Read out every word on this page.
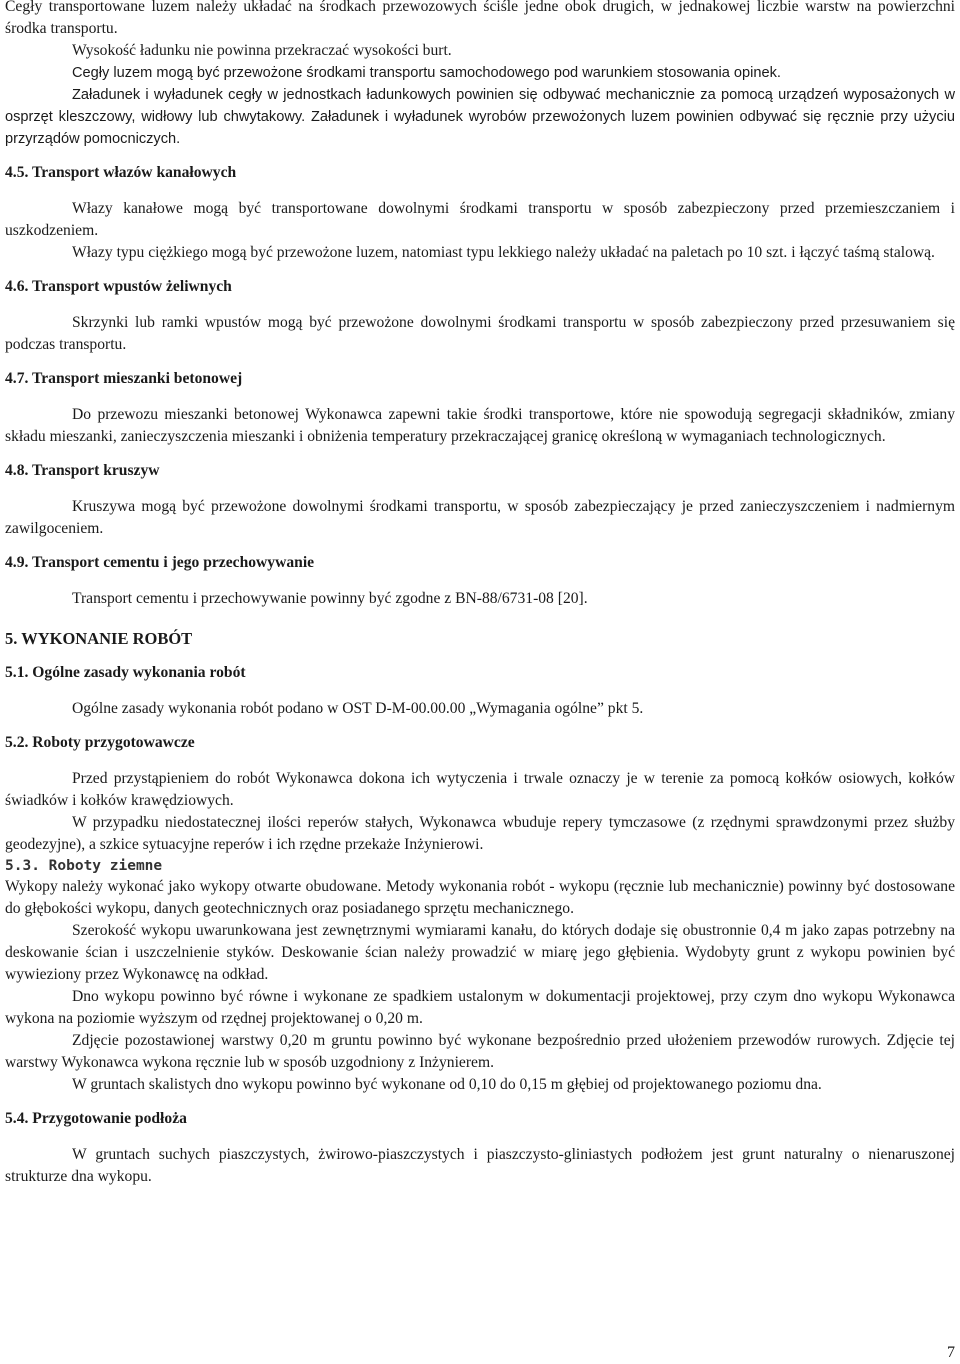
Cegły transportowane luzem należy układać na środkach przewozowych ściśle jedne obok drugich, w jednakowej liczbie warstw na powierzchni środka transportu.

Wysokość ładunku nie powinna przekraczać wysokości burt.

Cegły luzem mogą być przewożone środkami transportu samochodowego pod warunkiem stosowania opinek.

Załadunek i wyładunek cegły w jednostkach ładunkowych powinien się odbywać mechanicznie za pomocą urządzeń wyposażonych w osprzęt kleszczowy, widłowy lub chwytakowy. Załadunek i wyładunek wyrobów przewożonych luzem powinien odbywać się ręcznie przy użyciu przyrządów pomocniczych.

4.5. Transport włazów kanałowych

Włazy kanałowe mogą być transportowane dowolnymi środkami transportu w sposób zabezpieczony przed przemieszczaniem i uszkodzeniem.

Włazy typu ciężkiego mogą być przewożone luzem, natomiast typu lekkiego należy układać na paletach po 10 szt. i łączyć taśmą stalową.

4.6. Transport wpustów żeliwnych

Skrzynki lub ramki wpustów mogą być przewożone dowolnymi środkami transportu w sposób zabezpieczony przed przesuwaniem się podczas transportu.

4.7. Transport mieszanki betonowej

Do przewozu mieszanki betonowej Wykonawca zapewni takie środki transportowe, które nie spowodują segregacji składników, zmiany składu mieszanki, zanieczyszczenia mieszanki i obniżenia temperatury przekraczającej granicę określoną w wymaganiach technologicznych.

4.8. Transport kruszyw

Kruszywa mogą być przewożone dowolnymi środkami transportu, w sposób zabezpieczający je przed zanieczyszczeniem i nadmiernym zawilgoceniem.

4.9. Transport cementu i jego przechowywanie

Transport cementu i przechowywanie powinny być zgodne z BN-88/6731-08 [20].

5. WYKONANIE ROBÓT
5.1. Ogólne zasady wykonania robót

Ogólne zasady wykonania robót podano w OST D-M-00.00.00 „Wymagania ogólne” pkt 5.

5.2. Roboty przygotowawcze

Przed przystąpieniem do robót Wykonawca dokona ich wytyczenia i trwale oznaczy je w terenie za pomocą kołków osiowych, kołków świadków i kołków krawędziowych.

W przypadku niedostatecznej ilości reperów stałych, Wykonawca wbuduje repery tymczasowe (z rzędnymi sprawdzonymi przez służby geodezyjne), a szkice sytuacyjne reperów i ich rzędne przekaże Inżynierowi.

5.3. Roboty ziemne

Wykopy należy wykonać jako wykopy otwarte obudowane. Metody wykonania robót - wykopu (ręcznie lub mechanicznie) powinny być dostosowane do głębokości wykopu, danych geotechnicznych oraz posiadanego sprzętu mechanicznego.

Szerokość wykopu uwarunkowana jest zewnętrznymi wymiarami kanału, do których dodaje się obustronnie 0,4 m jako zapas potrzebny na deskowanie ścian i uszczelnienie styków. Deskowanie ścian należy prowadzić w miarę jego głębienia. Wydobyty grunt z wykopu powinien być wywieziony przez Wykonawcę na odkład.

Dno wykopu powinno być równe i wykonane ze spadkiem ustalonym w dokumentacji projektowej, przy czym dno wykopu Wykonawca wykona na poziomie wyższym od rzędnej projektowanej o 0,20 m.

Zdjęcie pozostawionej warstwy 0,20 m gruntu powinno być wykonane bezpośrednio przed ułożeniem przewodów rurowych. Zdjęcie tej warstwy Wykonawca wykona ręcznie lub w sposób uzgodniony z Inżynierem.

W gruntach skalistych dno wykopu powinno być wykonane od 0,10 do 0,15 m głębiej od projektowanego poziomu dna.

5.4. Przygotowanie podłoża

W gruntach suchych piaszczystych, żwirowo-piaszczystych i piaszczysto-gliniastych podłożem jest grunt naturalny o nienaruszonej strukturze dna wykopu.

7
